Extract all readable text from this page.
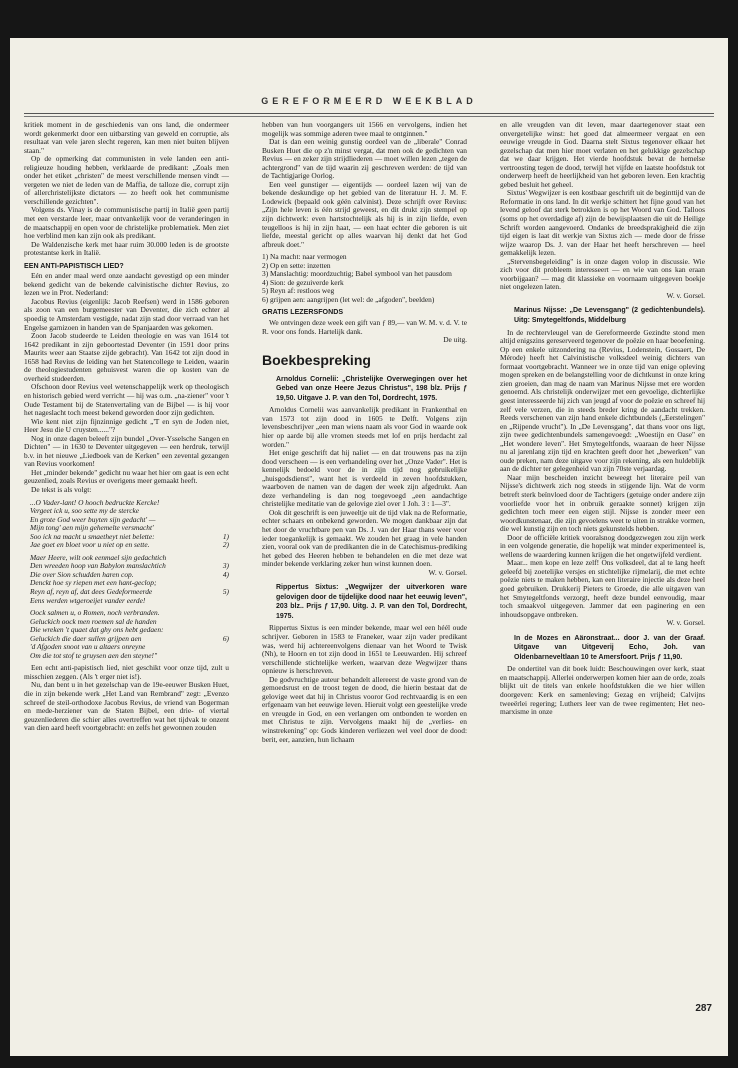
GEREFORMEERD WEEKBLAD

kritiek moment in de geschiedenis van ons land, die ondermeer wordt gekenmerkt door een uitbarsting van geweld en corruptie, als resultaat van vele jaren slecht regeren, kan men niet buiten blijven staan."

Op de opmerking dat communisten in vele landen een anti-religieuze houding hebben, verklaarde de predikant: „Zoals men onder het etiket „christen" de meest verschillende mensen vindt — vergeten we niet de leden van de Maffia, de talloze die, corrupt zijn of allerchristelijkste dictators — zo heeft ook het communisme verschillende gezichten".

Volgens ds. Vinay is de communistische partij in Italië geen partij met een verstarde leer, maar ontvankelijk voor de veranderingen in de maatschappij en open voor de christelijke problematiek. Men ziet hoe verblind men kan zijn ook als predikant.

De Waldenzische kerk met haar ruim 30.000 leden is de grootste protestantse kerk in Italië.

EEN ANTI-PAPISTISCH LIED?

Eén en ander maal werd onze aandacht gevestigd op een minder bekend gedicht van de bekende calvinistische dichter Revius, zo lezen we in Prot. Nederland:

Jacobus Revius (eigenlijk: Jacob Reefsen) werd in 1586 geboren als zoon van een burgemeester van Deventer, die zich echter al spoedig te Amsterdam vestigde, nadat zijn stad door verraad van het Engelse garnizoen in handen van de Spanjaarden was gekomen.

Zoon Jacob studeerde te Leiden theologie en was van 1614 tot 1642 predikant in zijn geboortestad Deventer (in 1591 door prins Maurits weer aan Staatse zijde gebracht). Van 1642 tot zijn dood in 1658 had Revius de leiding van het Statencollege te Leiden, waarin de theologiestudenten gehuisvest waren die op kosten van de overheid studeerden.

Ofschoon door Revius veel wetenschappelijk werk op theologisch en historisch gebied werd verricht — hij was o.m. „na-ziener" voor 't Oude Testament bij de Statenvertaling van de Bijbel — is hij voor het nageslacht toch meest bekend geworden door zijn gedichten.

Wie kent niet zijn fijnzinnige gedicht „'T en syn de Joden niet, Heer Jesu die U cruysten......"?

Nog in onze dagen beleeft zijn bundel „Over-Ysselsche Sangen en Dichten" — in 1630 te Deventer uitgegeven — een herdruk, terwijl b.v. in het nieuwe „Liedboek van de Kerken" een zevental gezangen van Revius voorkomen!

Het „minder bekende" gedicht nu waar het hier om gaat is een echt geuzenlied, zoals Revius er overigens meer gemaakt heeft.

De tekst is als volgt:

...O Vader-lant! O hooch bedruckte Kercke!
Vergeet ick u, soo sette my de stercke
En grote God weer buyten sijn gedacht' —
Mijn tong' aen mijn gehemelte versmacht'
Soo ick na macht u smaetheyt niet belette:	1)
Jae goet en bloet voor u niet op en sette.	2)
Maer Heere, wilt ook eenmael sijn gedachtich
Den wreeden hoop van Babylon manslachtich	3)
Die over Sion schudden haren cop.	4)
Denckt hoe sy riepen met een hant-geclop;
Reyn af, reyn af, dat dees Gedeformeerde	5)
Eens werden wtgeroeijet vander eerde!
Oock salmen u, o Romen, noch verbranden.
Geluckich oock men roemen sal de handen
Die wreken 't quaet dat ghy ons hebt gedaen:
Geluckich die daer sullen grijpen aen	6)
'd Afgoden snoot van u altaers onreyne
Om die tot stof te gruysen aen den steyne!"

Een echt anti-papistisch lied, niet geschikt voor onze tijd, zult u misschien zeggen. (Als 't erger niet is!).

Nu, dan bent u in het gezelschap van de 19e-eeuwer Busken Huet, die in zijn bekende werk „Het Land van Rembrand" zegt: „Evenzo schreef de steil-orthodoxe Jacobus Revius, de vriend van Bogerman en mede-herziener van de Staten Bijbel, een drie- of viertal geuzenliederen die schier alles overtreffen wat het tijdvak te onzent van dien aard heeft voortgebracht: en zelfs het gewonnen zouden

hebben van hun voorgangers uit 1566 en vervolgens, indien het mogelijk was sommige aderen twee maal te ontginnen."

Dat is dan een weinig gunstig oordeel van de „liberale" Conrad Busken Huet die op z'n minst vergat, dat men ook de gedichten van Revius — en zeker zijn strijdliederen — moet willen lezen „tegen de achtergrond" van de tijd waarin zij geschreven werden: de tijd van de Tachtigjarige Oorlog.

Een veel gunstiger — eigentijds — oordeel lazen wij van de bekende deskundige op het gebied van de literatuur H. J. M. F. Lodewick (bepaald ook géén calvinist). Deze schrijft over Revius: „Zijn hele leven is één strijd geweest, en dit drukt zijn stempel op zijn dichtwerk: even hartstochtelijk als hij is in zijn liefde, even teugelloos is hij in zijn haat, — een haat echter die geboren is uit liefde, meestal gericht op alles waarvan hij denkt dat het God afbreuk doet."

1) Na macht: naar vermogen
2) Op en sette: inzetten
3) Manslachtig: moordzuchtig; Babel symbool van het pausdom
4) Sion: de gezuiverde kerk
5) Reyn af: restloos weg
6) grijpen aen: aangrijpen (let wel: de „afgoden", beelden)
GRATIS LEZERSFONDS

We ontvingen deze week een gift van ƒ 89,— van W. M. v. d. V. te R. voor ons fonds. Hartelijk dank.

De uitg.

Boekbespreking

Arnoldus Cornelii: „Christelijke Overwegingen over het Gebed van onze Heere Jezus Christus", 198 blz. Prijs ƒ 19,50. Uitgave J. P. van den Tol, Dordrecht, 1975.

Arnoldus Cornelii was aanvankelijk predikant in Frankenthal en van 1573 tot zijn dood in 1605 te Delft. Volgens zijn levensbeschrijver „een man wiens naam als voor God in waarde ook hier op aarde bij alle vromen steeds met lof en prijs herdacht zal worden."

Het enige geschrift dat hij naliet — en dat trouwens pas na zijn dood verscheen — is een verhandeling over het „Onze Vader". Het is kennelijk bedoeld voor de in zijn tijd nog gebruikelijke „huisgodsdienst", want het is verdeeld in zeven hoofdstukken, waarboven de namen van de dagen der week zijn afgedrukt. Aan deze verhandeling is dan nog toegevoegd „een aandachtige christelijke meditatie van de gelovige ziel over 1 Joh. 3 : 1—3".

Ook dit geschrift is een juweeltje uit de tijd vlak na de Reformatie, echter schaars en onbekend geworden. We mogen dankbaar zijn dat het door de vruchtbare pen van Ds. J. van der Haar thans weer voor ieder toegankelijk is gemaakt. We zouden het graag in vele handen zien, vooral ook van de predikanten die in de Catechismus-prediking het gebed des Heeren hebben te behandelen en die met deze wat minder bekende verklaring zeker hun winst kunnen doen.

W. v. Gorsel.

Rippertus Sixtus: „Wegwijzer der uitverkoren ware gelovigen door de tijdelijke dood naar het eeuwig leven", 203 blz.. Prijs ƒ 17,90. Uitg. J. P. van den Tol, Dordrecht, 1975.

Rippertus Sixtus is een minder bekende, maar wel een héél oude schrijver. Geboren in 1583 te Franeker, waar zijn vader predikant was, werd hij achtereenvolgens dienaar van het Woord te Twisk (Nh), te Hoorn en tot zijn dood in 1651 te Leeuwarden. Hij schreef verschillende stichtelijke werken, waarvan deze Wegwijzer thans opnieuw is herschreven.

De godvruchtige auteur behandelt allereerst de vaste grond van de gemoedsrust en de troost tegen de dood, die hierin bestaat dat de gelovige weet dat hij in Christus vooror God rechtvaardig is en een erfgenaam van het eeuwige leven. Hieruit volgt een geestelijke vrede en vreugde in God, en een verlangen om ontbonden te worden en met Christus te zijn. Vervolgens maakt hij de „verlies- en winstrekening" op: Gods kinderen verliezen wel veel door de dood: berit, eer, aanzien, hun lichaam

en alle vreugden van dit leven, maar daartegenover staat een onvergetelijke winst: het goed dat almeermeer vergaat en een eeuwige vreugde in God. Daarna stelt Sixtus tegenover elkaar het gezelschap dat men hier moet verlaten en het gelukkige gezelschap dat we daar krijgen. Het vierde hoofdstuk bevat de hemelse vertroosting tegen de dood, terwijl het vijfde en laatste hoofdstuk tot onderwerp heeft de heerlijkheid van het geboren leven. Een krachtig gebed besluit het geheel.

Sixtus' Wegwijzer is een kostbaar geschrift uit de beginttijd van de Reformatie in ons land. In dit werkje schittert het fijne goud van het levend geloof dat sterk betrokken is op het Woord van God. Talloos (soms op het overdadige af) zijn de bewijsplaatsen die uit de Heilige Schrift worden aangevoerd. Ondanks de breedsprakigheid die zijn tijd eigen is laat dit werkje van Sixtus zich — mede door de frisse wijze waarop Ds. J. van der Haar het heeft herschreven — heel gemakkelijk lezen.

„Stervensbegeleiding" is in onze dagen volop in discussie. Wie zich voor dit probleem interesseert — en wie van ons kan eraan voorbijgaan? — mag dit klassieke en voornaam uitgegeven boekje niet ongelezen laten.

W. v. Gorsel.

Marinus Nijsse: „De Levensgang" (2 gedichtenbundels). Uitg: Smytegeltfonds, Middelburg

In de rechtervleugel van de Gereformeerde Gezindte stond men altijd enigszins gereserveerd tegenover de poëzie en haar beoefening. Op een enkele uitzondering na (Revius, Lodenstein, Gossaert, De Mérode) heeft het Calvinistische volksdeel weinig dichters van formaat voortgebracht. Wanneer we in onze tijd van enige opleving mogen spreken en de belangstelling voor de dichtkunst in onze kring zien groeien, dan mag de naam van Marinus Nijsse met ere worden genoemd. Als christelijk onderwijzer met een gevoelige, dichterlijke geest interesseerde hij zich van jeugd af voor de poëzie en schreef hij zelf vele verzen, die in steeds breder kring de aandacht trekken. Reeds verschenen van zijn hand enkele dichtbundels („Eerstelingen" en „Rijpende vrucht"). In „De Levensgang", dat thans voor ons ligt, zijn twee gedichtenbundels samengevoegd: „Woestijn en Oase" en „Het wondere leven". Het Smytegeltfonds, waaraan de heer Nijsse nu al jarenlang zijn tijd en krachten geeft door het „bewerken" van oude preken, nam deze uitgave voor zijn rekening, als een huldeblijk aan de dichter ter gelegenheid van zijn 70ste verjaardag.

Naar mijn bescheiden inzicht beweegt het literaire peil van Nijsse's dichtwerk zich nog steeds in stijgende lijn. Wat de vorm betreft sterk beïnvloed door de Tachtigers (getuige onder andere zijn voorliefde voor het in onbruik geraakte sonnet) krijgen zijn gedichten toch meer een eigen stijl. Nijsse is zonder meer een woordkunstenaar, die zijn gevoelens weet te uiten in strakke vormen, die wel kunstig zijn en toch niets gekunstelds hebben.

Door de officiële kritiek vooralsnog doodgezwegen zou zijn werk in een volgende generatie, die hopelijk wat minder experimenteel is, wellens de waardering kunnen krijgen die het ongetwijfeld verdient.

Maar... men kope en leze zelf! Ons volksdeel, dat al te lang heeft geleefd bij zoetelijke versjes en stichtelijke rijmelarij, die met echte poëzie niets te maken hebben, kan een literaire injectie als deze heel goed gebruiken. Drukkerij Pieters te Groede, die alle uitgaven van het Smytegeltfonds verzorgt, heeft deze bundel eenvoudig, maar toch smaakvol uitgegeven. Jammer dat een paginering en een inhoudsopgave ontbreken.

W. v. Gorsel.

In de Mozes en Aäronstraat... door J. van der Graaf. Uitgave van Uitgeverij Echo, Joh. van Oldenbarneveltlaan 10 te Amersfoort. Prijs ƒ 11,90.

De ondertitel van dit boek luidt: Beschouwingen over kerk, staat en maatschappij. Allerlei onderwerpen komen hier aan de orde, zoals blijkt uit de titels van enkele hoofdstukken die we hier willen doorgeven: Kerk en samenleving; Gezag en vrijheid; Calvijns tweeërlei regering; Luthers leer van de twee regimenten; Het neo-marxisme in onze

287
